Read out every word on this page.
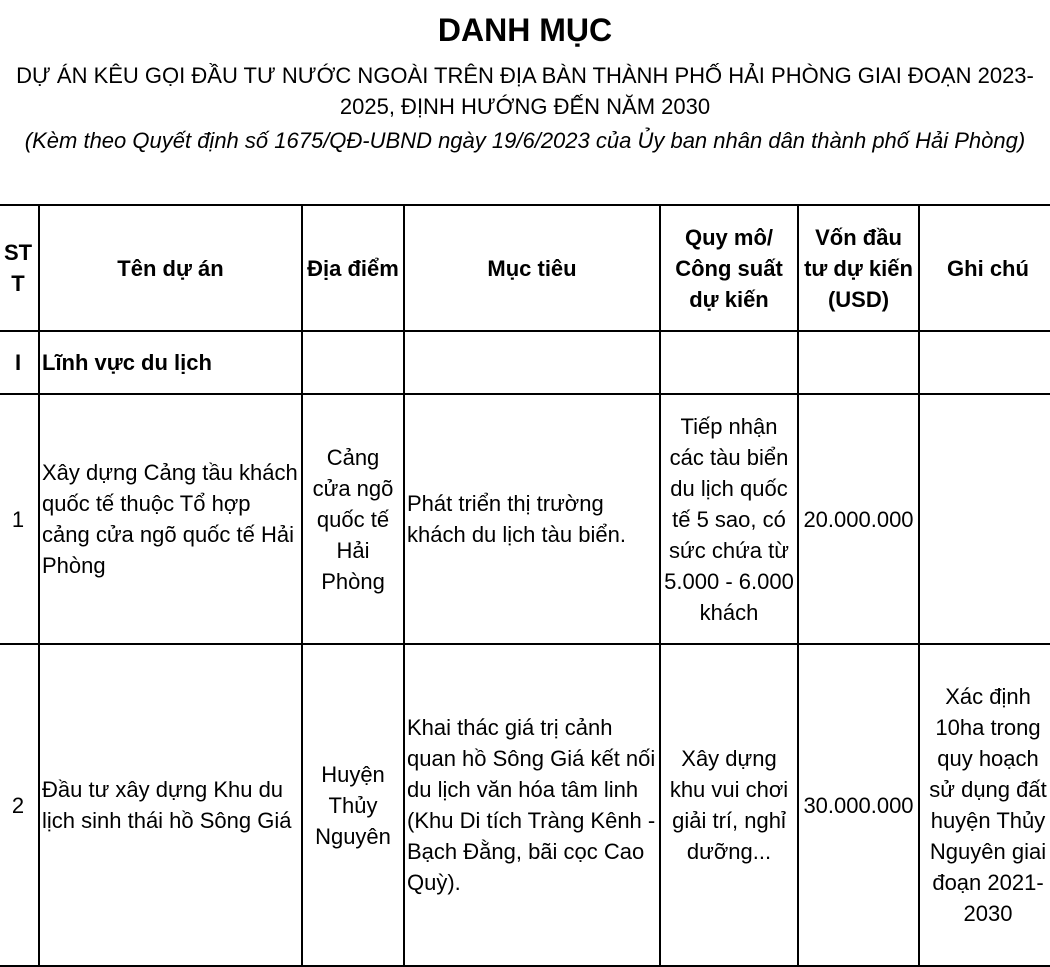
DANH MỤC

DỰ ÁN KÊU GỌI ĐẦU TƯ NƯỚC NGOÀI TRÊN ĐỊA BÀN THÀNH PHỐ HẢI PHÒNG GIAI ĐOẠN 2023-2025, ĐỊNH HƯỚNG ĐẾN NĂM 2030

(Kèm theo Quyết định số 1675/QĐ-UBND ngày 19/6/2023 của Ủy ban nhân dân thành phố Hải Phòng)

STT	Tên dự án	Địa điểm	Mục tiêu	Quy mô/ Công suất dự kiến	Vốn đầu tư dự kiến (USD)	Ghi chú
I	Lĩnh vực du lịch					
1	Xây dựng Cảng tầu khách quốc tế thuộc Tổ hợp cảng cửa ngõ quốc tế Hải Phòng	Cảng cửa ngõ quốc tế Hải Phòng	Phát triển thị trường khách du lịch tàu biển.	Tiếp nhận các tàu biển du lịch quốc tế 5 sao, có sức chứa từ 5.000 - 6.000 khách	20.000.000	
2	Đầu tư xây dựng Khu du lịch sinh thái hồ Sông Giá	Huyện Thủy Nguyên	Khai thác giá trị cảnh quan hồ Sông Giá kết nối du lịch văn hóa tâm linh (Khu Di tích Tràng Kênh - Bạch Đằng, bãi cọc Cao Quỳ).	Xây dựng khu vui chơi giải trí, nghỉ dưỡng...	30.000.000	Xác định 10ha trong quy hoạch sử dụng đất huyện Thủy Nguyên giai đoạn 2021-2030
